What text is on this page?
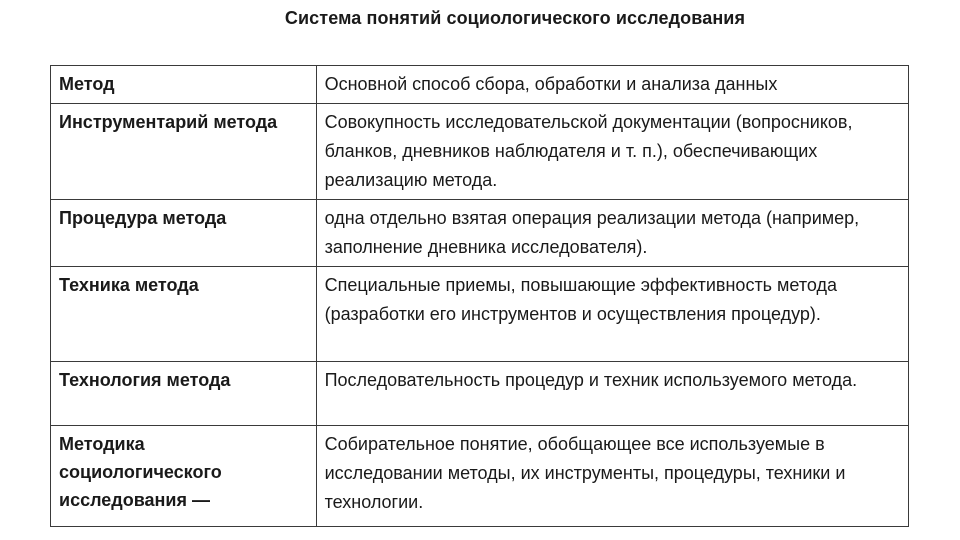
Система понятий социологического исследования
Метод	Основной способ сбора, обработки и анализа данных
Инструментарий метода	Совокупность исследовательской документации (вопросников, бланков, дневников наблюдателя и т. п.), обеспечивающих реализацию метода.
Процедура метода	одна отдельно взятая операция реализации метода (например, заполнение дневника исследователя).
Техника метода	Специальные приемы, повышающие эффективность метода (разработки его инструментов и осуществления процедур).
Технология метода	Последовательность процедур и техник используемого метода.
Методика социологического исследования —	Собирательное понятие, обобщающее все используемые в исследовании методы, их инструменты, процедуры, техники и технологии.
